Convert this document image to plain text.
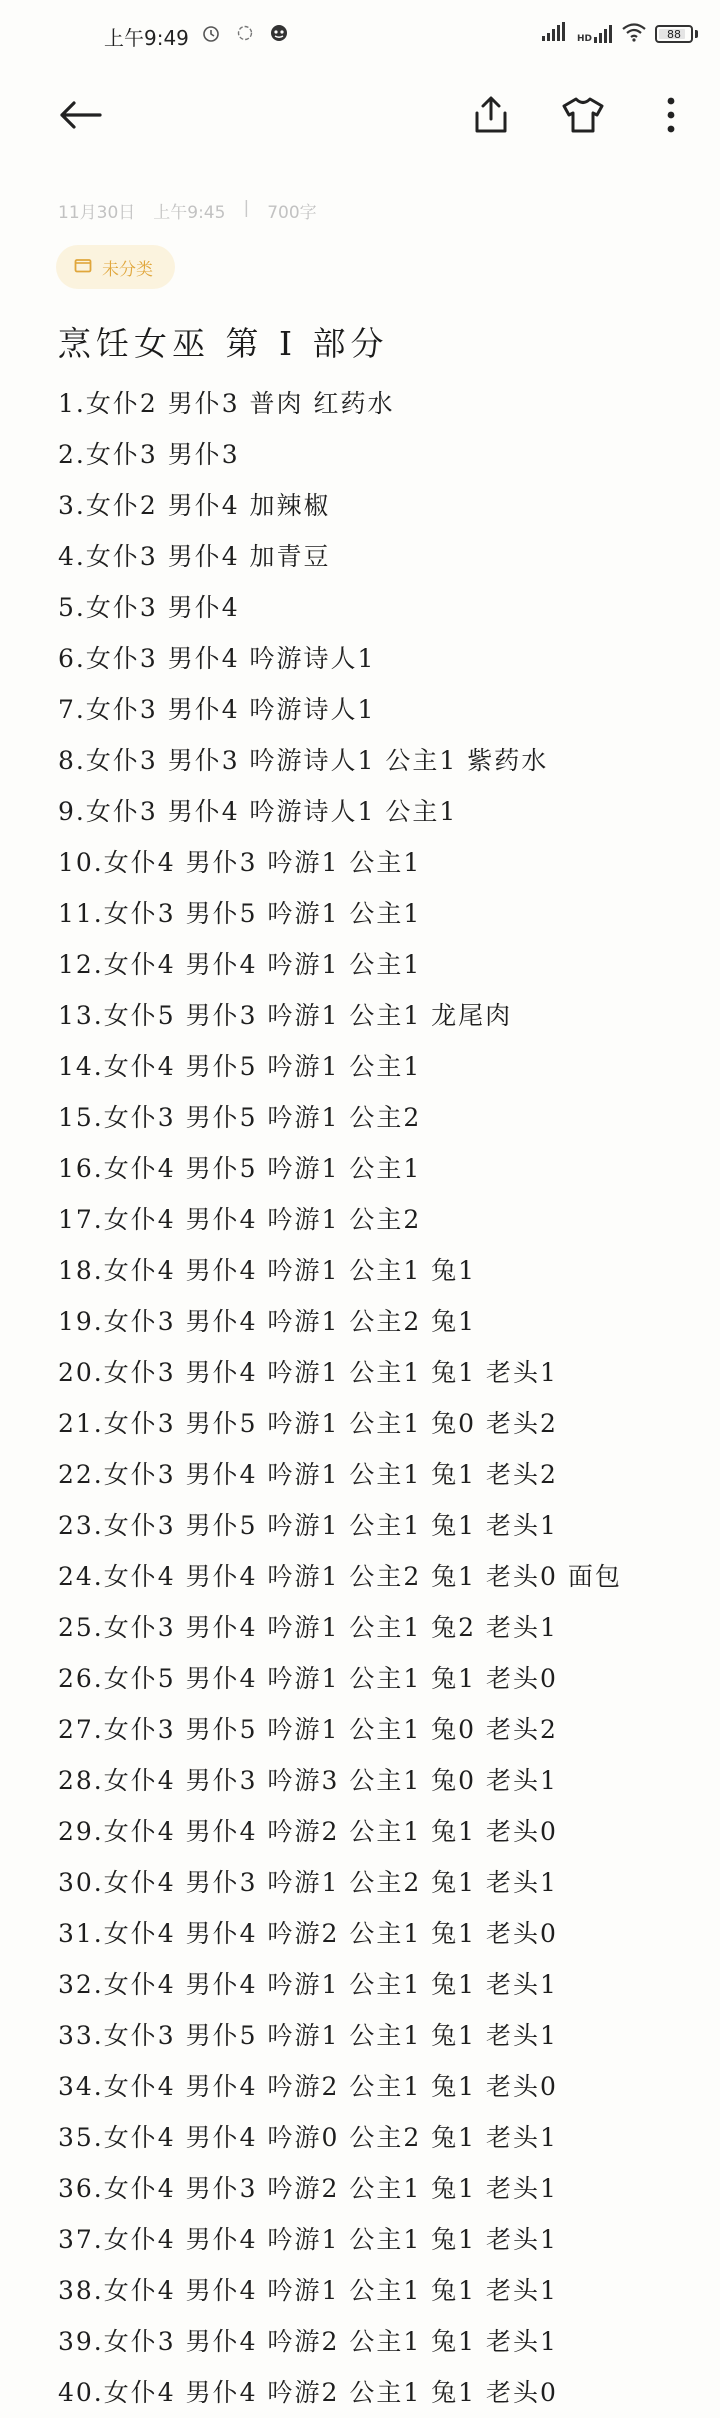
上午9:49	HD	88
11月30日 上午9:45 | 700字
未分类
烹饪女巫 第 I 部分
1.女仆2 男仆3 普肉 红药水
2.女仆3 男仆3
3.女仆2 男仆4 加辣椒
4.女仆3 男仆4 加青豆
5.女仆3 男仆4
6.女仆3 男仆4 吟游诗人1
7.女仆3 男仆4 吟游诗人1
8.女仆3 男仆3 吟游诗人1 公主1 紫药水
9.女仆3 男仆4 吟游诗人1 公主1
10.女仆4 男仆3 吟游1 公主1
11.女仆3 男仆5 吟游1 公主1
12.女仆4 男仆4 吟游1 公主1
13.女仆5 男仆3 吟游1 公主1 龙尾肉
14.女仆4 男仆5 吟游1 公主1
15.女仆3 男仆5 吟游1 公主2
16.女仆4 男仆5 吟游1 公主1
17.女仆4 男仆4 吟游1 公主2
18.女仆4 男仆4 吟游1 公主1 兔1
19.女仆3 男仆4 吟游1 公主2 兔1
20.女仆3 男仆4 吟游1 公主1 兔1 老头1
21.女仆3 男仆5 吟游1 公主1 兔0 老头2
22.女仆3 男仆4 吟游1 公主1 兔1 老头2
23.女仆3 男仆5 吟游1 公主1 兔1 老头1
24.女仆4 男仆4 吟游1 公主2 兔1 老头0 面包
25.女仆3 男仆4 吟游1 公主1 兔2 老头1
26.女仆5 男仆4 吟游1 公主1 兔1 老头0
27.女仆3 男仆5 吟游1 公主1 兔0 老头2
28.女仆4 男仆3 吟游3 公主1 兔0 老头1
29.女仆4 男仆4 吟游2 公主1 兔1 老头0
30.女仆4 男仆3 吟游1 公主2 兔1 老头1
31.女仆4 男仆4 吟游2 公主1 兔1 老头0
32.女仆4 男仆4 吟游1 公主1 兔1 老头1
33.女仆3 男仆5 吟游1 公主1 兔1 老头1
34.女仆4 男仆4 吟游2 公主1 兔1 老头0
35.女仆4 男仆4 吟游0 公主2 兔1 老头1
36.女仆4 男仆3 吟游2 公主1 兔1 老头1
37.女仆4 男仆4 吟游1 公主1 兔1 老头1
38.女仆4 男仆4 吟游1 公主1 兔1 老头1
39.女仆3 男仆4 吟游2 公主1 兔1 老头1
40.女仆4 男仆4 吟游2 公主1 兔1 老头0
